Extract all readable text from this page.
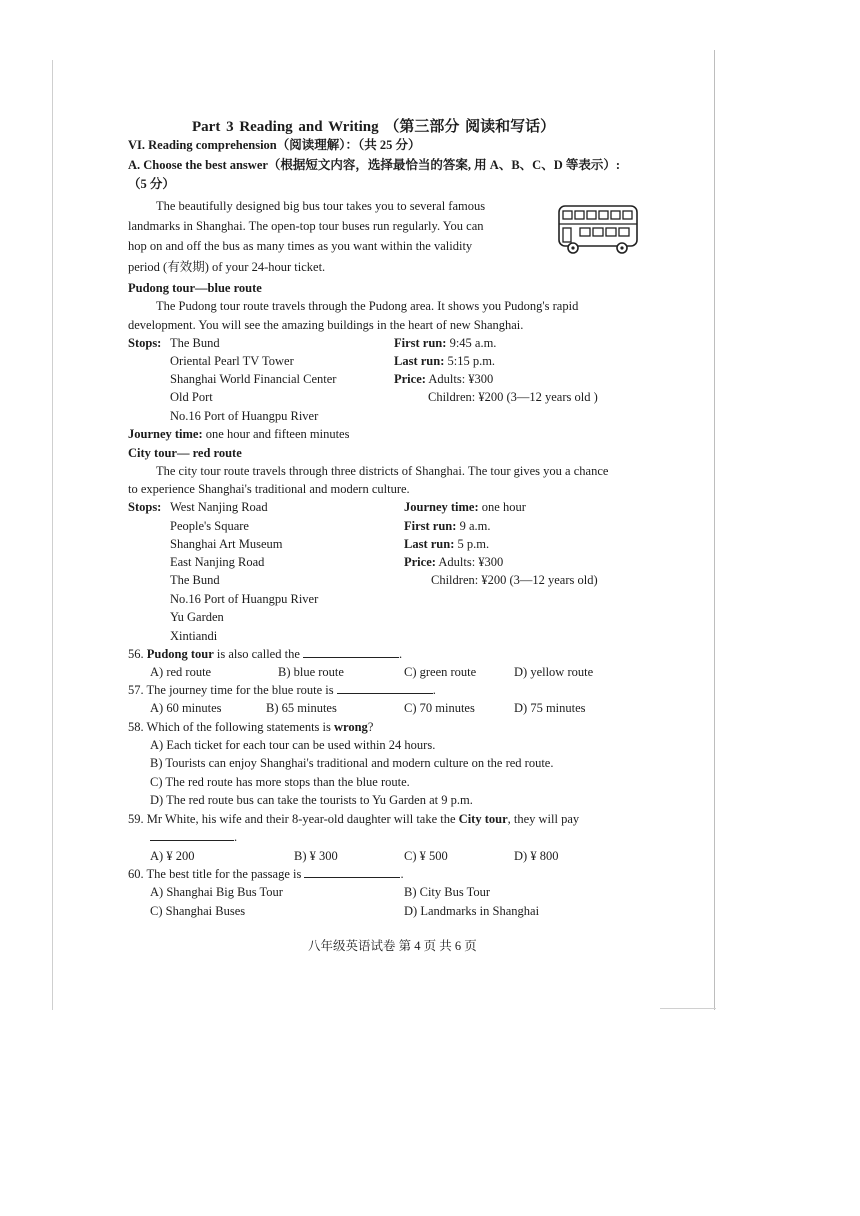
Part 3 Reading and Writing （第三部分 阅读和写话）
VI. Reading comprehension（阅读理解）：（共 25 分）
A. Choose the best answer（根据短文内容，选择最恰当的答案, 用 A、B、C、D 等表示）:
（5 分）
The beautifully designed big bus tour takes you to several famous
landmarks in Shanghai. The open-top tour buses run regularly. You can
hop on and off the bus as many times as you want within the validity
period (有效期) of your 24-hour ticket.
Pudong tour—blue route
The Pudong tour route travels through the Pudong area. It shows you Pudong's rapid
development. You will see the amazing buildings in the heart of new Shanghai.
Stops: The Bund
Oriental Pearl TV Tower
Shanghai World Financial Center
Old Port
No.16 Port of Huangpu River
First run: 9:45 a.m.
Last run: 5:15 p.m.
Price: Adults: ¥300
Children: ¥200 (3—12 years old )
Journey time: one hour and fifteen minutes
City tour— red route
The city tour route travels through three districts of Shanghai. The tour gives you a chance
to experience Shanghai's traditional and modern culture.
Stops: West Nanjing Road
People's Square
Shanghai Art Museum
East Nanjing Road
The Bund
No.16 Port of Huangpu River
Yu Garden
Xintiandi
Journey time: one hour
First run: 9 a.m.
Last run: 5 p.m.
Price: Adults: ¥300
Children: ¥200 (3—12 years old)
56. Pudong tour is also called the	.
A) red route	B) blue route	C) green route	D) yellow route
57. The journey time for the blue route is	.
A) 60 minutes	B) 65 minutes	C) 70 minutes	D) 75 minutes
58. Which of the following statements is wrong?
A) Each ticket for each tour can be used within 24 hours.
B) Tourists can enjoy Shanghai's traditional and modern culture on the red route.
C) The red route has more stops than the blue route.
D) The red route bus can take the tourists to Yu Garden at 9 p.m.
59. Mr White, his wife and their 8-year-old daughter will take the City tour, they will pay
.
A) ¥ 200	B) ¥ 300	C) ¥ 500	D) ¥ 800
60. The best title for the passage is	.
A) Shanghai Big Bus Tour	B) City Bus Tour
C) Shanghai Buses	D) Landmarks in Shanghai
八年级英语试卷 第 4 页 共 6 页
